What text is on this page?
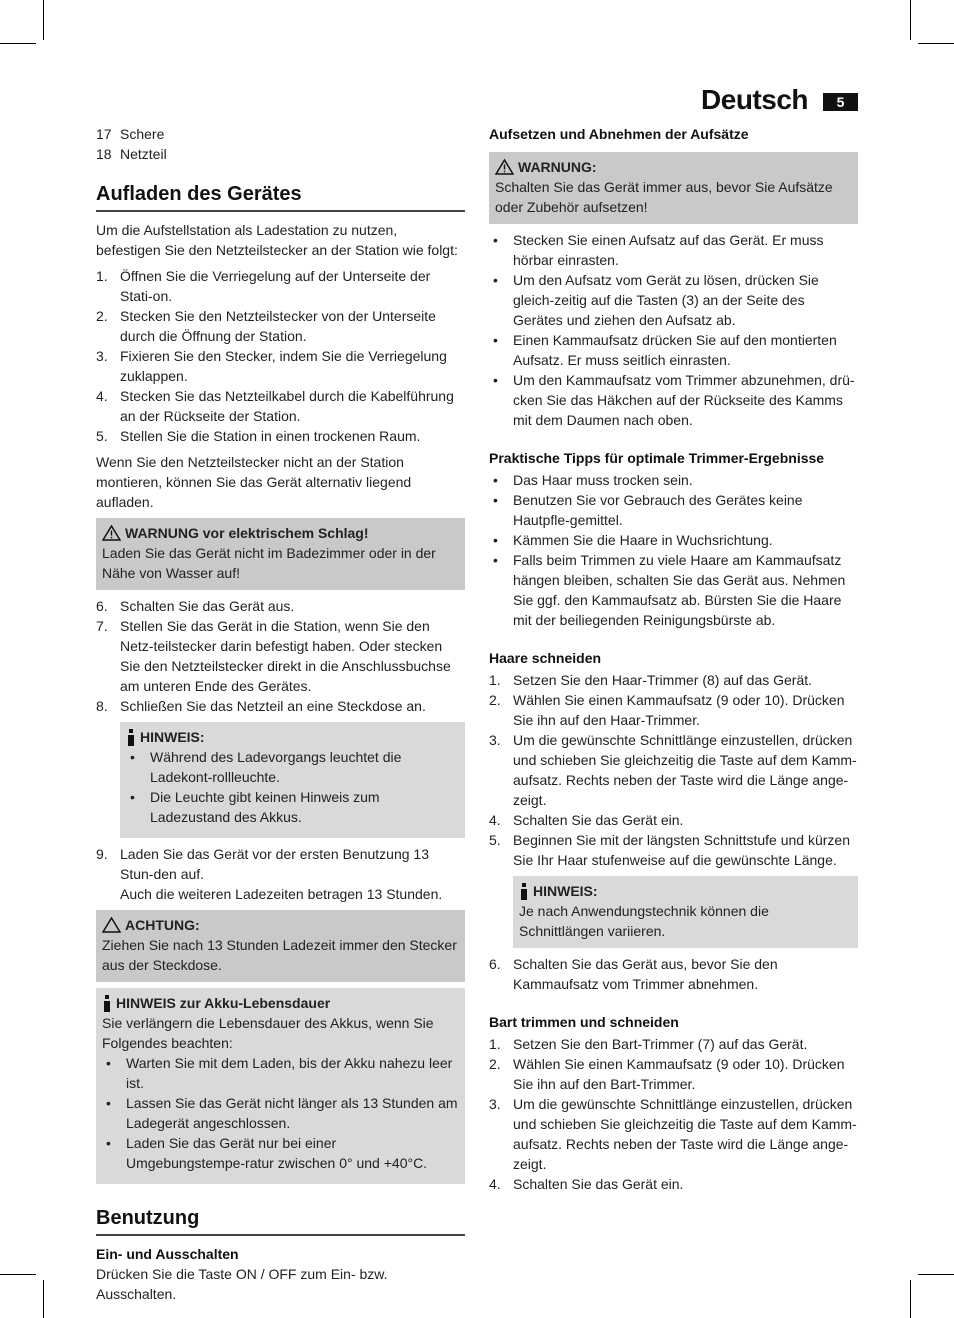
Deutsch	5
17 Schere
18 Netzteil
Aufladen des Gerätes

Um die Aufstellstation als Ladestation zu nutzen, befestigen Sie den Netzteilstecker an der Station wie folgt:

1. Öffnen Sie die Verriegelung auf der Unterseite der Stati-on.
2. Stecken Sie den Netzteilstecker von der Unterseite durch die Öffnung der Station.
3. Fixieren Sie den Stecker, indem Sie die Verriegelung zuklappen.
4. Stecken Sie das Netzteilkabel durch die Kabelführung an der Rückseite der Station.
5. Stellen Sie die Station in einen trockenen Raum.

Wenn Sie den Netzteilstecker nicht an der Station montieren, können Sie das Gerät alternativ liegend aufladen.

WARNUNG vor elektrischem Schlag!
Laden Sie das Gerät nicht im Badezimmer oder in der Nähe von Wasser auf!
6. Schalten Sie das Gerät aus.
7. Stellen Sie das Gerät in die Station, wenn Sie den Netz-teilstecker darin befestigt haben. Oder stecken Sie den Netzteilstecker direkt in die Anschlussbuchse am unteren Ende des Gerätes.
8. Schließen Sie das Netzteil an eine Steckdose an.
HINWEIS:
• Während des Ladevorgangs leuchtet die Ladekont-rollleuchte.
• Die Leuchte gibt keinen Hinweis zum Ladezustand des Akkus.
9. Laden Sie das Gerät vor der ersten Benutzung 13 Stun-den auf.
Auch die weiteren Ladezeiten betragen 13 Stunden.
ACHTUNG:
Ziehen Sie nach 13 Stunden Ladezeit immer den Stecker aus der Steckdose.
HINWEIS zur Akku-Lebensdauer
Sie verlängern die Lebensdauer des Akkus, wenn Sie Folgendes beachten:
• Warten Sie mit dem Laden, bis der Akku nahezu leer ist.
• Lassen Sie das Gerät nicht länger als 13 Stunden am Ladegerät angeschlossen.
• Laden Sie das Gerät nur bei einer Umgebungstempe-ratur zwischen 0° und +40°C.
Benutzung
Ein- und Ausschalten

Drücken Sie die Taste ON / OFF zum Ein- bzw. Ausschalten.

Aufsetzen und Abnehmen der Aufsätze
WARNUNG:
Schalten Sie das Gerät immer aus, bevor Sie Aufsätze oder Zubehör aufsetzen!
• Stecken Sie einen Aufsatz auf das Gerät. Er muss hörbar einrasten.
• Um den Aufsatz vom Gerät zu lösen, drücken Sie gleich-zeitig auf die Tasten (3) an der Seite des Gerätes und ziehen den Aufsatz ab.
• Einen Kammaufsatz drücken Sie auf den montierten Aufsatz. Er muss seitlich einrasten.
• Um den Kammaufsatz vom Trimmer abzunehmen, drü-cken Sie das Häkchen auf der Rückseite des Kamms mit dem Daumen nach oben.
Praktische Tipps für optimale Trimmer-Ergebnisse
• Das Haar muss trocken sein.
• Benutzen Sie vor Gebrauch des Gerätes keine Hautpfle-gemittel.
• Kämmen Sie die Haare in Wuchsrichtung.
• Falls beim Trimmen zu viele Haare am Kammaufsatz hängen bleiben, schalten Sie das Gerät aus. Nehmen Sie ggf. den Kammaufsatz ab. Bürsten Sie die Haare mit der beiliegenden Reinigungsbürste ab.
Haare schneiden
1. Setzen Sie den Haar-Trimmer (8) auf das Gerät.
2. Wählen Sie einen Kammaufsatz (9 oder 10). Drücken Sie ihn auf den Haar-Trimmer.
3. Um die gewünschte Schnittlänge einzustellen, drücken und schieben Sie gleichzeitig die Taste auf dem Kamm-aufsatz. Rechts neben der Taste wird die Länge ange-zeigt.
4. Schalten Sie das Gerät ein.
5. Beginnen Sie mit der längsten Schnittstufe und kürzen Sie Ihr Haar stufenweise auf die gewünschte Länge.
HINWEIS:
Je nach Anwendungstechnik können die Schnittlängen variieren.
6. Schalten Sie das Gerät aus, bevor Sie den Kammaufsatz vom Trimmer abnehmen.
Bart trimmen und schneiden
1. Setzen Sie den Bart-Trimmer (7) auf das Gerät.
2. Wählen Sie einen Kammaufsatz (9 oder 10). Drücken Sie ihn auf den Bart-Trimmer.
3. Um die gewünschte Schnittlänge einzustellen, drücken und schieben Sie gleichzeitig die Taste auf dem Kamm-aufsatz. Rechts neben der Taste wird die Länge ange-zeigt.
4. Schalten Sie das Gerät ein.
